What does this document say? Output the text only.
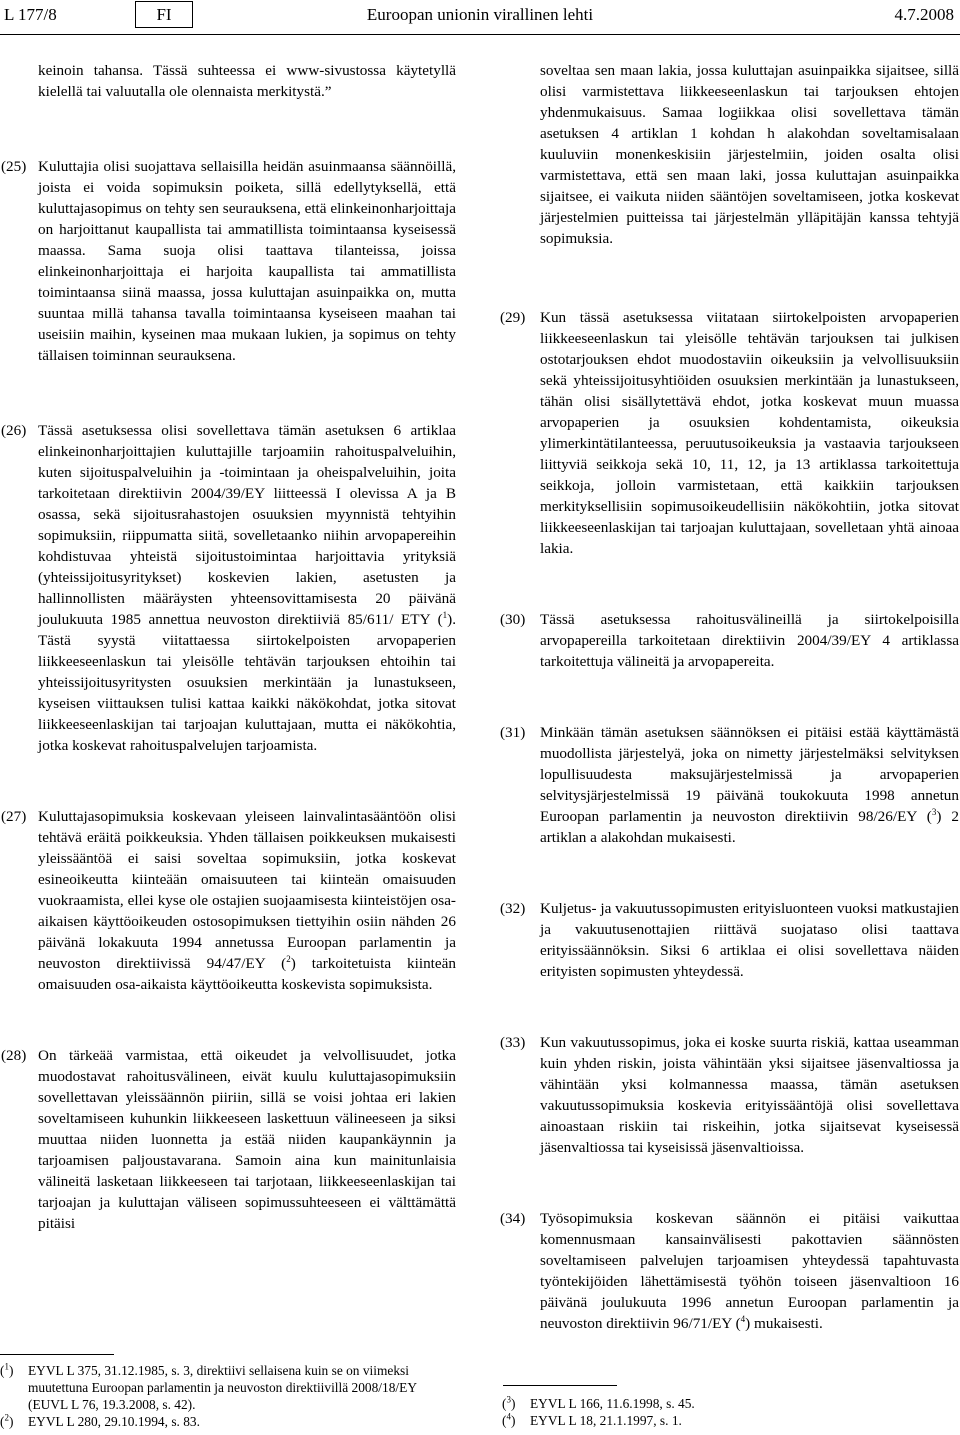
L 177/8	FI	Euroopan unionin virallinen lehti	4.7.2008

keinoin tahansa. Tässä suhteessa ei www-sivustossa käytetyllä kielellä tai valuutalla ole olennaista merkitystä.”

(25) Kuluttajia olisi suojattava sellaisilla heidän asuinmaansa säännöillä, joista ei voida sopimuksin poiketa, sillä edellytyksellä, että kuluttajasopimus on tehty sen seurauksena, että elinkeinonharjoittaja on harjoittanut kaupallista tai ammatillista toimintaansa kyseisessä maassa. Sama suoja olisi taattava tilanteissa, joissa elinkeinonharjoittaja ei harjoita kaupallista tai ammatillista toimintaansa siinä maassa, jossa kuluttajan asuinpaikka on, mutta suuntaa millä tahansa tavalla toimintaansa kyseiseen maahan tai useisiin maihin, kyseinen maa mukaan lukien, ja sopimus on tehty tällaisen toiminnan seurauksena.

(26) Tässä asetuksessa olisi sovellettava tämän asetuksen 6 artiklaa elinkeinonharjoittajien kuluttajille tarjoamiin rahoituspalveluihin, kuten sijoituspalveluihin ja -toimintaan ja oheispalveluihin, joita tarkoitetaan direktiivin 2004/39/EY liitteessä I olevissa A ja B osassa, sekä sijoitusrahastojen osuuksien myynnistä tehtyihin sopimuksiin, riippumatta siitä, sovelletaanko niihin arvopapereihin kohdistuvaa yhteistä sijoitustoimintaa harjoittavia yrityksiä (yhteissijoitusyritykset) koskevien lakien, asetusten ja hallinnollisten määräysten yhteensovittamisesta 20 päivänä joulukuuta 1985 annettua neuvoston direktiiviä 85/611/ ETY ($^1$). Tästä syystä viitattaessa siirtokelpoisten arvopaperien liikkeeseenlaskun tai yleisölle tehtävän tarjouksen ehtoihin tai yhteissijoitusyritysten osuuksien merkintään ja lunastukseen, kyseisen viittauksen tulisi kattaa kaikki näkökohdat, jotka sitovat liikkeeseenlaskijan tai tarjoajan kuluttajaan, mutta ei näkökohtia, jotka koskevat rahoituspalvelujen tarjoamista.

(27) Kuluttajasopimuksia koskevaan yleiseen lainvalintasääntöön olisi tehtävä eräitä poikkeuksia. Yhden tällaisen poikkeuksen mukaisesti yleissääntöä ei saisi soveltaa sopimuksiin, jotka koskevat esineoikeutta kiinteään omaisuuteen tai kiinteän omaisuuden vuokraamista, ellei kyse ole ostajien suojaamisesta kiinteistöjen osa-aikaisen käyttöoikeuden ostosopimuksen tiettyihin osiin nähden 26 päivänä lokakuuta 1994 annetussa Euroopan parlamentin ja neuvoston direktiivissä 94/47/EY ($^2$) tarkoitetuista kiinteän omaisuuden osa-aikaista käyttöoikeutta koskevista sopimuksista.

(28) On tärkeää varmistaa, että oikeudet ja velvollisuudet, jotka muodostavat rahoitusvälineen, eivät kuulu kuluttajasopimuksiin sovellettavan yleissäännön piiriin, sillä se voisi johtaa eri lakien soveltamiseen kuhunkin liikkeeseen laskettuun välineeseen ja siksi muuttaa niiden luonnetta ja estää niiden kaupankäynnin ja tarjoamisen paljoustavarana. Samoin aina kun mainitunlaisia välineitä lasketaan liikkeeseen tai tarjotaan, liikkeeseenlaskijan tai tarjoajan ja kuluttajan väliseen sopimussuhteeseen ei välttämättä pitäisi

($^1$) EYVL L 375, 31.12.1985, s. 3, direktiivi sellaisena kuin se on viimeksi muutettuna Euroopan parlamentin ja neuvoston direktiivillä 2008/18/EY (EUVL L 76, 19.3.2008, s. 42).
($^2$) EYVL L 280, 29.10.1994, s. 83.

soveltaa sen maan lakia, jossa kuluttajan asuinpaikka sijaitsee, sillä olisi varmistettava liikkeeseenlaskun tai tarjouksen ehtojen yhdenmukaisuus. Samaa logiikkaa olisi sovellettava tämän asetuksen 4 artiklan 1 kohdan h alakohdan soveltamisalaan kuuluviin monenkeskisiin järjestelmiin, joiden osalta olisi varmistettava, että sen maan laki, jossa kuluttajan asuinpaikka sijaitsee, ei vaikuta niiden sääntöjen soveltamiseen, jotka koskevat järjestelmien puitteissa tai järjestelmän ylläpitäjän kanssa tehtyjä sopimuksia.

(29) Kun tässä asetuksessa viitataan siirtokelpoisten arvopaperien liikkeeseenlaskun tai yleisölle tehtävän tarjouksen tai julkisen ostotarjouksen ehdot muodostaviin oikeuksiin ja velvollisuuksiin sekä yhteissijoitusyhtiöiden osuuksien merkintään ja lunastukseen, tähän olisi sisällytettävä ehdot, jotka koskevat muun muassa arvopaperien ja osuuksien kohdentamista, oikeuksia ylimerkintätilanteessa, peruutusoikeuksia ja vastaavia tarjoukseen liittyviä seikkoja sekä 10, 11, 12, ja 13 artiklassa tarkoitettuja seikkoja, jolloin varmistetaan, että kaikkiin tarjouksen merkityksellisiin sopimusoikeudellisiin näkökohtiin, jotka sitovat liikkeeseenlaskijan tai tarjoajan kuluttajaan, sovelletaan yhtä ainoaa lakia.

(30) Tässä asetuksessa rahoitusvälineillä ja siirtokelpoisilla arvopapereilla tarkoitetaan direktiivin 2004/39/EY 4 artiklassa tarkoitettuja välineitä ja arvopapereita.

(31) Minkään tämän asetuksen säännöksen ei pitäisi estää käyttämästä muodollista järjestelyä, joka on nimetty järjestelmäksi selvityksen lopullisuudesta maksujärjestelmissä ja arvopaperien selvitysjärjestelmissä 19 päivänä toukokuuta 1998 annetun Euroopan parlamentin ja neuvoston direktiivin 98/26/EY ($^3$) 2 artiklan a alakohdan mukaisesti.

(32) Kuljetus- ja vakuutussopimusten erityisluonteen vuoksi matkustajien ja vakuutusenottajien riittävä suojataso olisi taattava erityissäännöksin. Siksi 6 artiklaa ei olisi sovellettava näiden erityisten sopimusten yhteydessä.

(33) Kun vakuutussopimus, joka ei koske suurta riskiä, kattaa useamman kuin yhden riskin, joista vähintään yksi sijaitsee jäsenvaltiossa ja vähintään yksi kolmannessa maassa, tämän asetuksen vakuutussopimuksia koskevia erityissääntöjä olisi sovellettava ainoastaan riskiin tai riskeihin, jotka sijaitsevat kyseisessä jäsenvaltiossa tai kyseisissä jäsenvaltioissa.

(34) Työsopimuksia koskevan säännön ei pitäisi vaikuttaa komennusmaan kansainvälisesti pakottavien säännösten soveltamiseen palvelujen tarjoamisen yhteydessä tapahtuvasta työntekijöiden lähettämisestä työhön toiseen jäsenvaltioon 16 päivänä joulukuuta 1996 annetun Euroopan parlamentin ja neuvoston direktiivin 96/71/EY ($^4$) mukaisesti.

($^3$) EYVL L 166, 11.6.1998, s. 45.
($^4$) EYVL L 18, 21.1.1997, s. 1.
